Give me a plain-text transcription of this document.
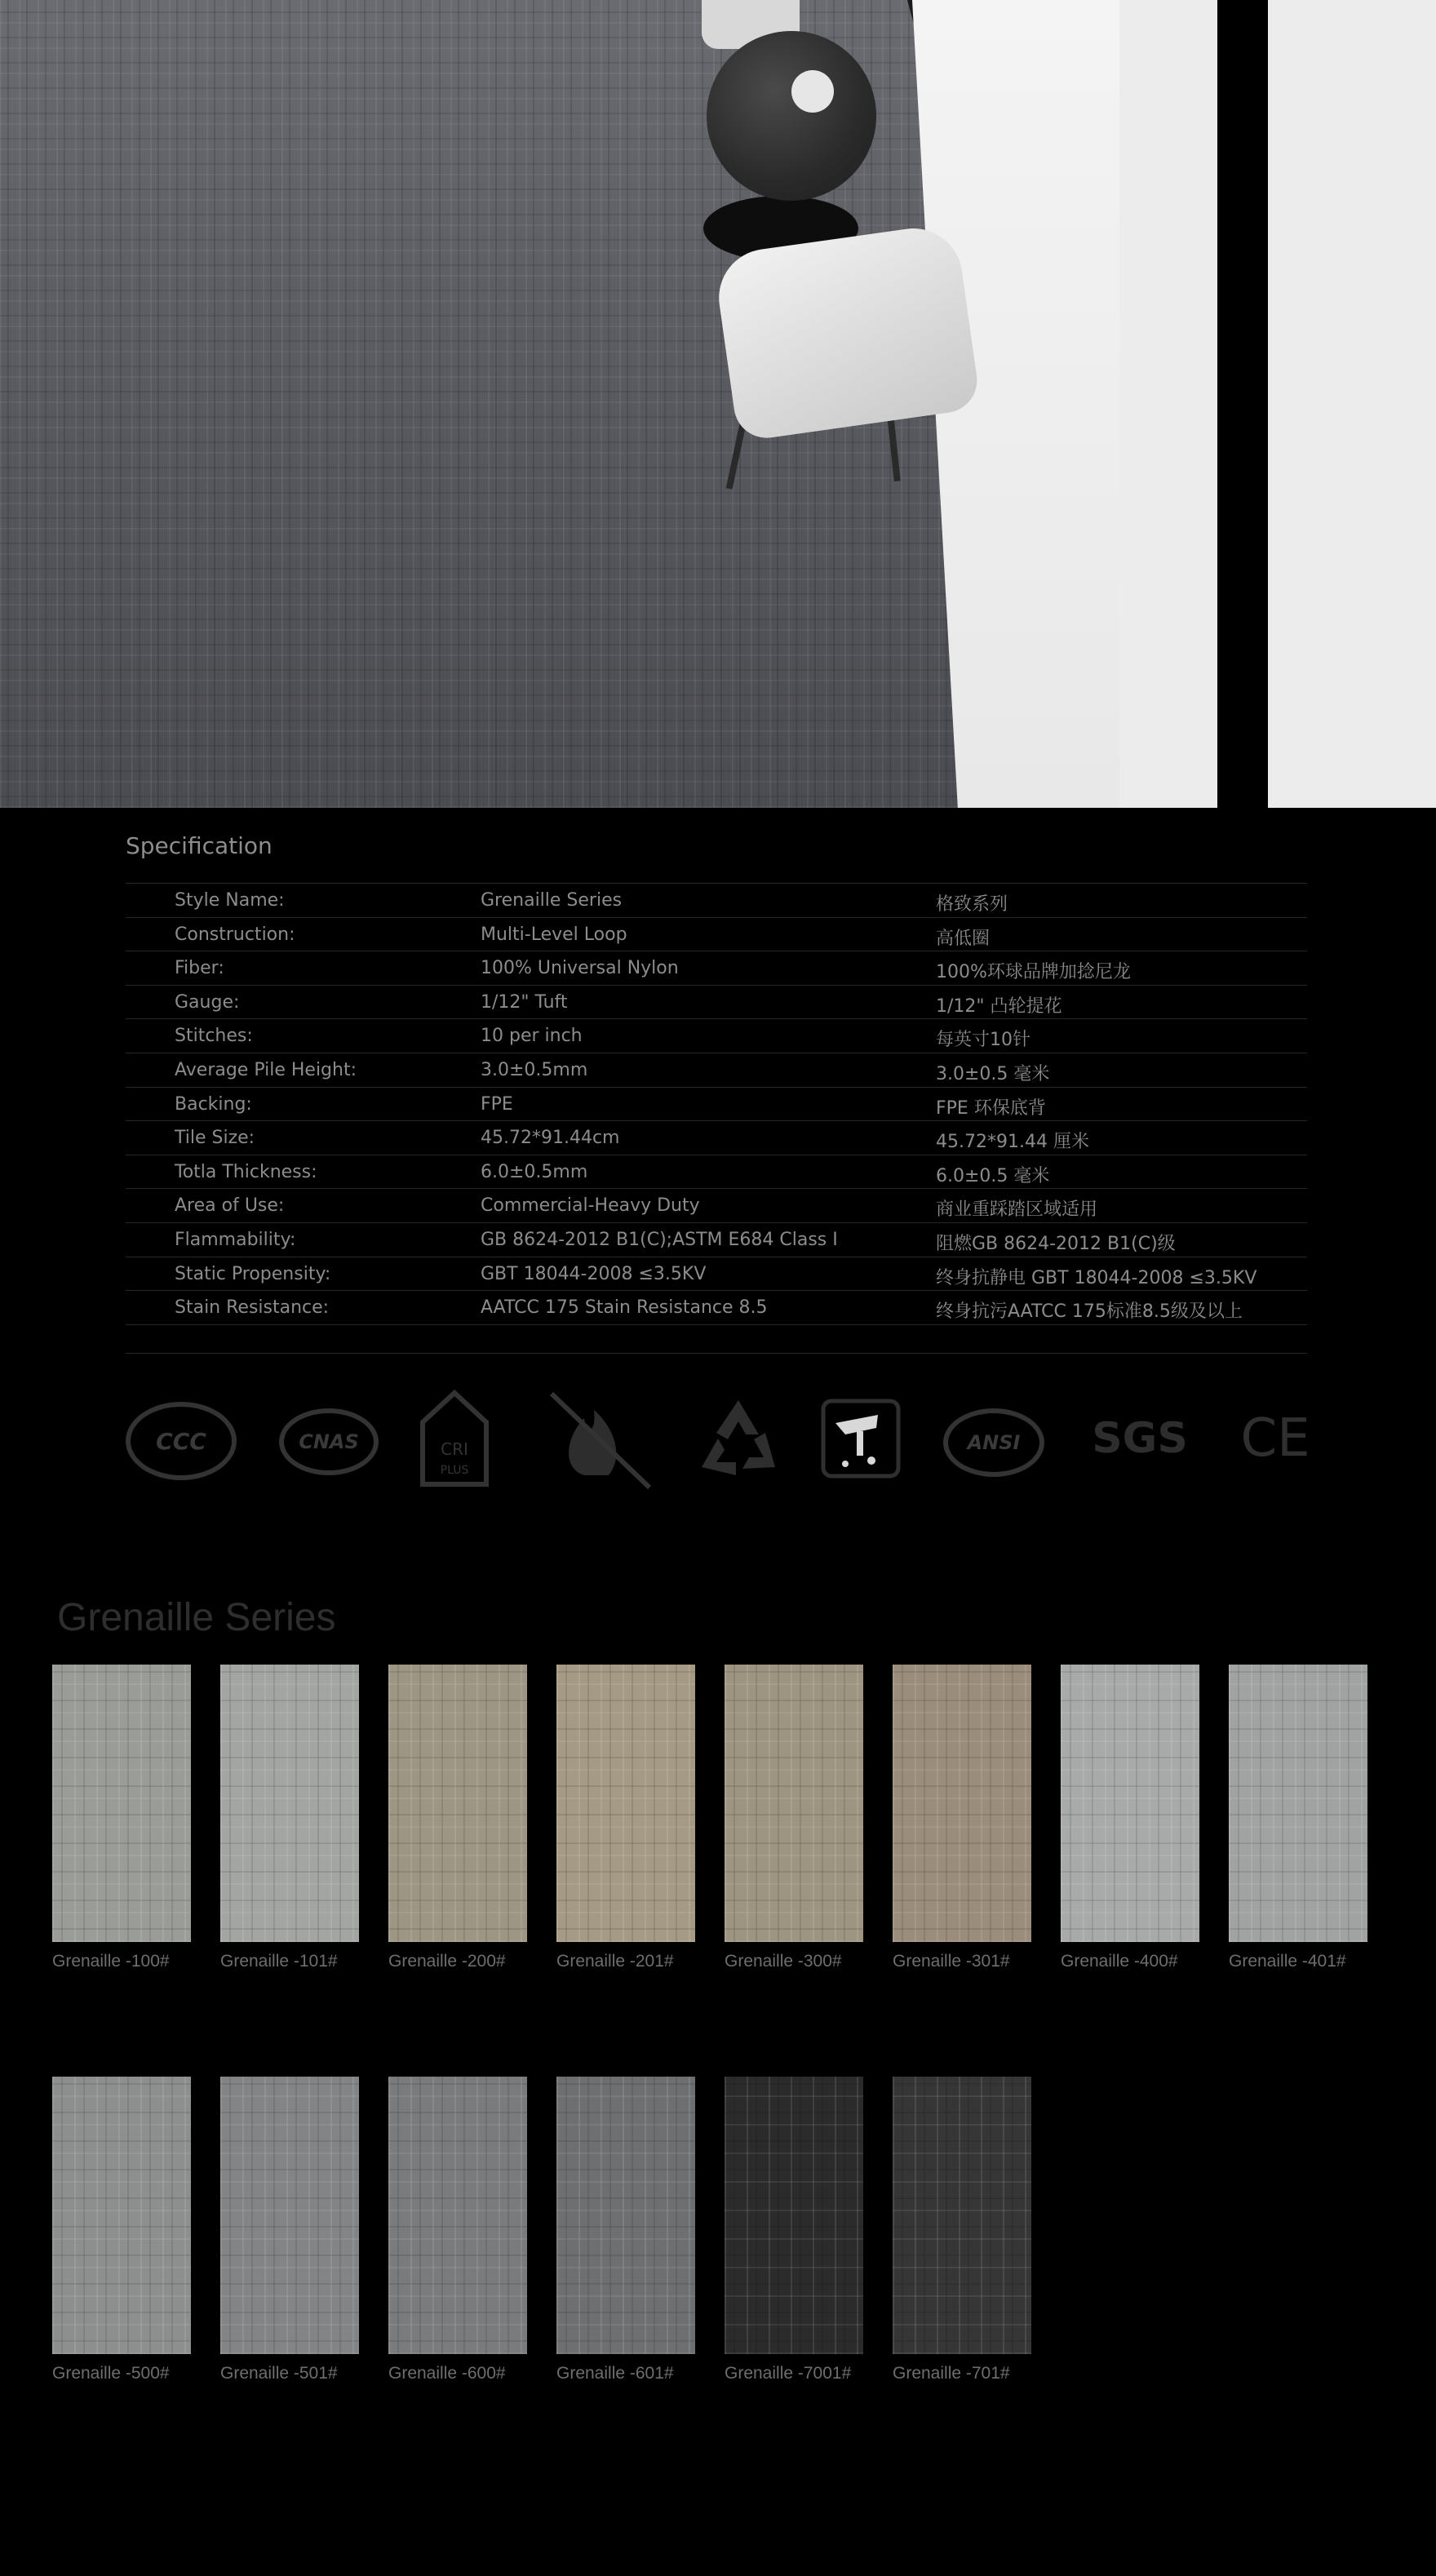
Specification
Style Name:	Grenaille Series	格致系列
Construction:	Multi-Level Loop	高低圈
Fiber:	100% Universal Nylon	100%环球品牌加捻尼龙
Gauge:	1/12" Tuft	1/12" 凸轮提花
Stitches:	10 per inch	每英寸10针
Average Pile Height:	3.0±0.5mm	3.0±0.5 毫米
Backing:	FPE	FPE 环保底背
Tile Size:	45.72*91.44cm	45.72*91.44 厘米
Totla Thickness:	6.0±0.5mm	6.0±0.5 毫米
Area of Use:	Commercial-Heavy Duty	商业重踩踏区域适用
Flammability:	GB 8624-2012 B1(C);ASTM E684 Class I	阻燃GB 8624-2012 B1(C)级
Static Propensity:	GBT 18044-2008 ≤3.5KV	终身抗静电 GBT 18044-2008 ≤3.5KV
Stain Resistance:	AATCC 175 Stain Resistance 8.5	终身抗污AATCC 175标准8.5级及以上
CCC	CNAS	CRI
PLUS
ANSI SGS CE
Grenaille Series
Grenaille -100#	Grenaille -101#	Grenaille -200#	Grenaille -201#	Grenaille -300#	Grenaille -301#	Grenaille -400#	Grenaille -401#
Grenaille -500#	Grenaille -501#	Grenaille -600#	Grenaille -601#	Grenaille -7001#	Grenaille -701#
